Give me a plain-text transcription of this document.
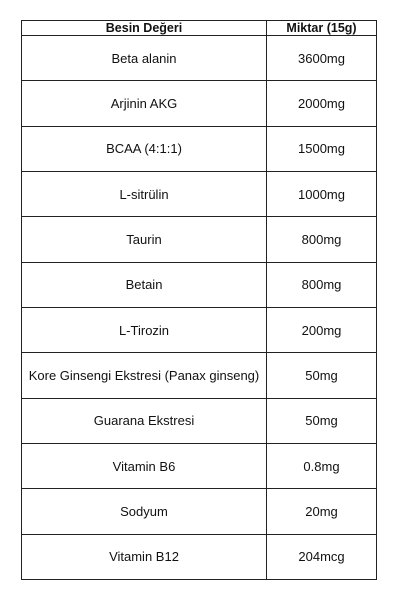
Besin Değeri	Miktar (15g)
Beta alanin	3600mg
Arjinin AKG	2000mg
BCAA (4:1:1)	1500mg
L-sitrülin	1000mg
Taurin	800mg
Betain	800mg
L-Tirozin	200mg
Kore Ginsengi Ekstresi (Panax ginseng)	50mg
Guarana Ekstresi	50mg
Vitamin B6	0.8mg
Sodyum	20mg
Vitamin B12	204mcg
